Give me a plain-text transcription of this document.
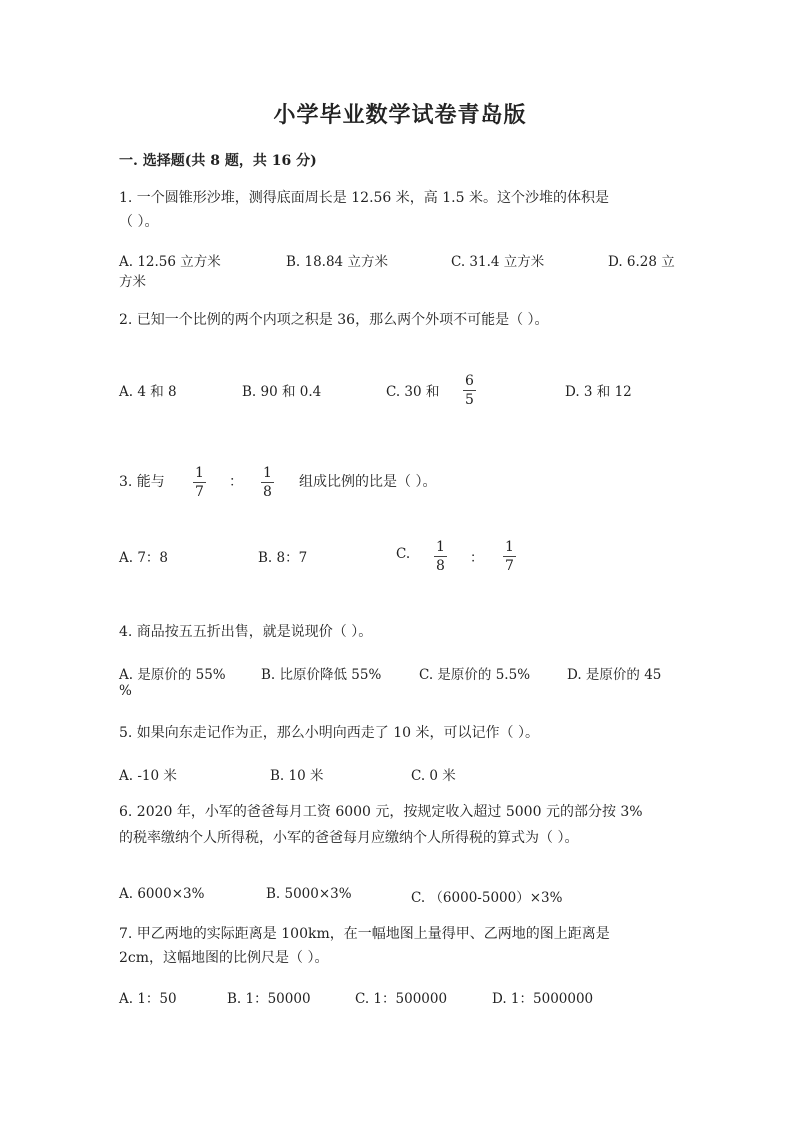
小学毕业数学试卷青岛版
一. 选择题(共 8 题，共 16 分)
1. 一个圆锥形沙堆，测得底面周长是 12.56 米，高 1.5 米。这个沙堆的体积是
（ ）。
A. 12.56 立方米	B. 18.84 立方米	C. 31.4 立方米	D. 6.28 立
方米
2. 已知一个比例的两个内项之积是 36，那么两个外项不可能是（ ）。
A. 4 和 8	B. 90 和 0.4	C. 30 和
6
5	D. 3 和 12
3. 能与
1
7
：
1
8
组成比例的比是（ ）。
A. 7：8	B. 8：7	C. 1
8 ：
1
7
4. 商品按五五折出售，就是说现价（ ）。
A. 是原价的 55%	B. 比原价降低 55%	C. 是原价的 5.5%	D. 是原价的 45
%
5. 如果向东走记作为正，那么小明向西走了 10 米，可以记作（ ）。
A. -10 米	B. 10 米	C. 0 米
6. 2020 年，小军的爸爸每月工资 6000 元，按规定收入超过 5000 元的部分按 3%
的税率缴纳个人所得税，小军的爸爸每月应缴纳个人所得税的算式为（ ）。
A. 6000×3%	B. 5000×3%	C. （6000-5000）×3%
7. 甲乙两地的实际距离是 100km，在一幅地图上量得甲、乙两地的图上距离是
2cm，这幅地图的比例尺是（ ）。
A. 1：50	B. 1：50000	C. 1：500000	D. 1：5000000
